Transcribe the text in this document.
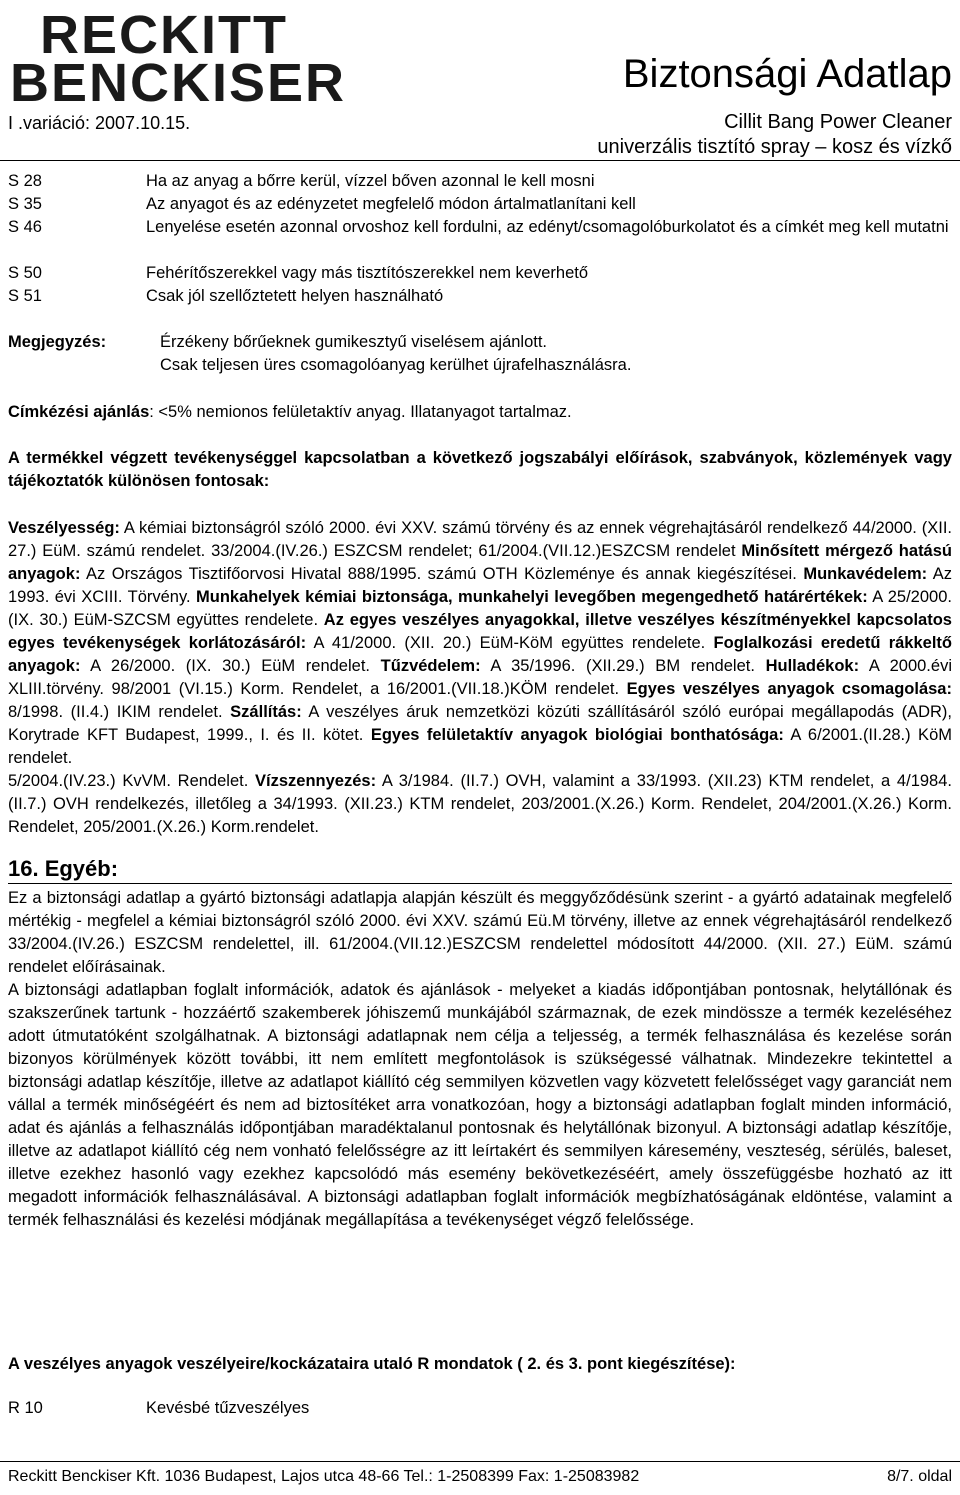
RECKITT
BENCKISER	Biztonsági Adatlap
I .variáció: 2007.10.15.	Cillit Bang Power Cleaner
univerzális tisztító spray – kosz és vízkő
S 28	Ha az anyag a bőrre kerül, vízzel bőven azonnal le kell mosni
S 35	Az anyagot és az edényzetet megfelelő módon ártalmatlanítani kell
S 46	Lenyelése esetén azonnal orvoshoz kell fordulni, az edényt/csomagolóburkolatot és a címkét meg kell mutatni
S 50	Fehérítőszerekkel vagy más tisztítószerekkel nem keverhető
S 51	Csak jól szellőztetett helyen használható
Megjegyzés:	Érzékeny bőrűeknek gumikesztyű viselésem ajánlott.
Csak teljesen üres csomagolóanyag kerülhet újrafelhasználásra.
Címkézési ajánlás: <5% nemionos felületaktív anyag. Illatanyagot tartalmaz.
A termékkel végzett tevékenységgel kapcsolatban a következő jogszabályi előírások, szabványok, közlemények vagy tájékoztatók különösen fontosak:

Veszélyesség: A kémiai biztonságról szóló 2000. évi XXV. számú törvény és az ennek végrehajtásáról rendelkező 44/2000. (XII. 27.) EüM. számú rendelet. 33/2004.(IV.26.) ESZCSM rendelet; 61/2004.(VII.12.)ESZCSM rendelet Minősített mérgező hatású anyagok: Az Országos Tisztifőorvosi Hivatal 888/1995. számú OTH Közleménye és annak kiegészítései. Munkavédelem: Az 1993. évi XCIII. Törvény. Munkahelyek kémiai biztonsága, munkahelyi levegőben megengedhető határértékek: A 25/2000. (IX. 30.) EüM-SZCSM együttes rendelete. Az egyes veszélyes anyagokkal, illetve veszélyes készítményekkel kapcsolatos egyes tevékenységek korlátozásáról: A 41/2000. (XII. 20.) EüM-KöM együttes rendelete. Foglalkozási eredetű rákkeltő anyagok: A 26/2000. (IX. 30.) EüM rendelet. Tűzvédelem: A 35/1996. (XII.29.) BM rendelet. Hulladékok: A 2000.évi XLIII.törvény. 98/2001 (VI.15.) Korm. Rendelet, a 16/2001.(VII.18.)KÖM rendelet. Egyes veszélyes anyagok csomagolása: 8/1998. (II.4.) IKIM rendelet. Szállítás: A veszélyes áruk nemzetközi közúti szállításáról szóló európai megállapodás (ADR), Korytrade KFT Budapest, 1999., I. és II. kötet. Egyes felületaktív anyagok biológiai bonthatósága: A 6/2001.(II.28.) KöM rendelet.

5/2004.(IV.23.) KvVM. Rendelet. Vízszennyezés: A 3/1984. (II.7.) OVH, valamint a 33/1993. (XII.23) KTM rendelet, a 4/1984. (II.7.) OVH rendelkezés, illetőleg a 34/1993. (XII.23.) KTM rendelet, 203/2001.(X.26.) Korm. Rendelet, 204/2001.(X.26.) Korm. Rendelet, 205/2001.(X.26.) Korm.rendelet.

16. Egyéb:

Ez a biztonsági adatlap a gyártó biztonsági adatlapja alapján készült és meggyőződésünk szerint - a gyártó adatainak megfelelő mértékig - megfelel a kémiai biztonságról szóló 2000. évi XXV. számú Eü.M törvény, illetve az ennek végrehajtásáról rendelkező 33/2004.(IV.26.) ESZCSM rendelettel, ill. 61/2004.(VII.12.)ESZCSM rendelettel módosított 44/2000. (XII. 27.) EüM. számú rendelet előírásainak.

A biztonsági adatlapban foglalt információk, adatok és ajánlások - melyeket a kiadás időpontjában pontosnak, helytállónak és szakszerűnek tartunk - hozzáértő szakemberek jóhiszemű munkájából származnak, de ezek mindössze a termék kezeléséhez adott útmutatóként szolgálhatnak. A biztonsági adatlapnak nem célja a teljesség, a termék felhasználása és kezelése során bizonyos körülmények között további, itt nem említett megfontolások is szükségessé válhatnak. Mindezekre tekintettel a biztonsági adatlap készítője, illetve az adatlapot kiállító cég semmilyen közvetlen vagy közvetett felelősséget vagy garanciát nem vállal a termék minőségéért és nem ad biztosítéket arra vonatkozóan, hogy a biztonsági adatlapban foglalt minden információ, adat és ajánlás a felhasználás időpontjában maradéktalanul pontosnak és helytállónak bizonyul. A biztonsági adatlap készítője, illetve az adatlapot kiállító cég nem vonható felelősségre az itt leírtakért és semmilyen káresemény, veszteség, sérülés, baleset, illetve ezekhez hasonló vagy ezekhez kapcsolódó más esemény bekövetkezéséért, amely összefüggésbe hozható az itt megadott információk felhasználásával. A biztonsági adatlapban foglalt információk megbízhatóságának eldöntése, valamint a termék felhasználási és kezelési módjának megállapítása a tevékenységet végző felelőssége.

A veszélyes anyagok veszélyeire/kockázataira utaló R mondatok ( 2. és 3. pont kiegészítése):
R 10	Kevésbé tűzveszélyes
Reckitt Benckiser Kft. 1036 Budapest, Lajos utca 48-66 Tel.: 1-2508399 Fax: 1-25083982	8/7. oldal
